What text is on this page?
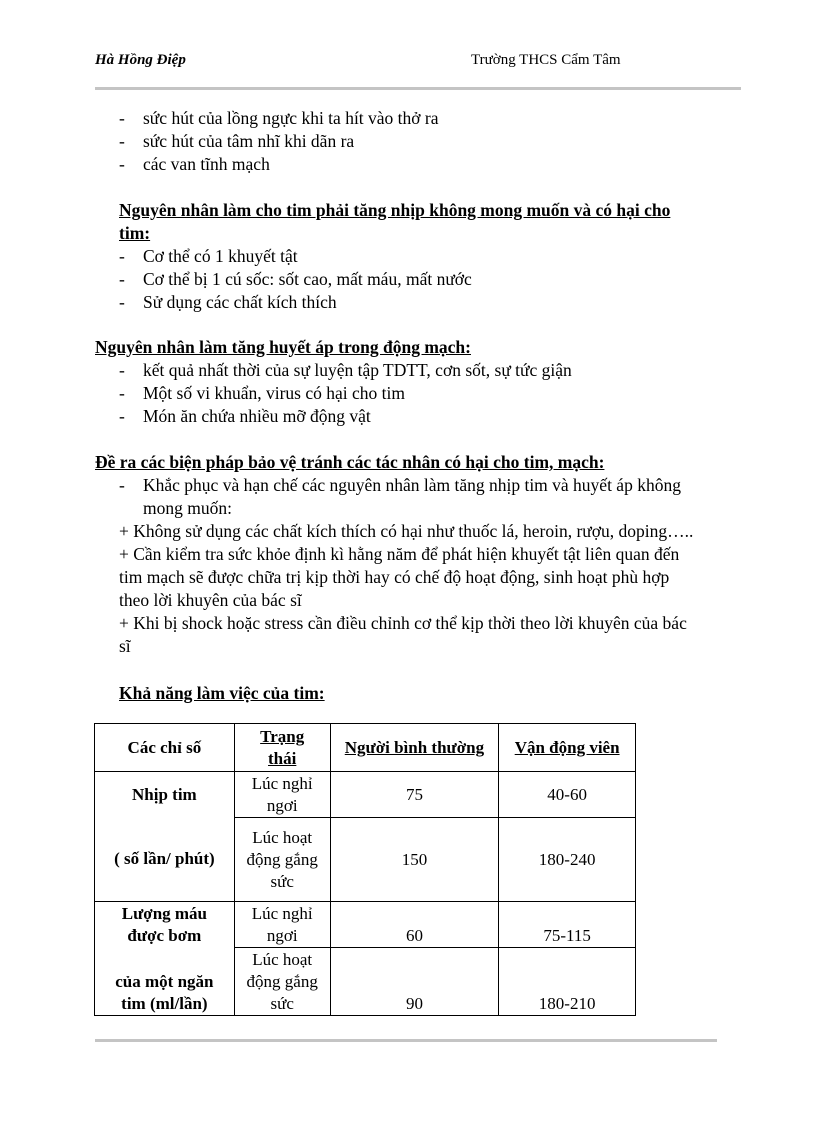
Hà Hồng Điệp	Trường THCS Cẩm Tâm
- sức hút của lồng ngực khi ta hít vào thở ra
- sức hút của tâm nhĩ khi dãn ra
- các van tĩnh mạch
Nguyên nhân làm cho tim phải tăng nhịp không mong muốn và có hại cho
tim:
- Cơ thể có 1 khuyết tật
- Cơ thể bị 1 cú sốc: sốt cao, mất máu, mất nước
- Sử dụng các chất kích thích
Nguyên nhân làm tăng huyết áp trong động mạch:
- kết quả nhất thời của sự luyện tập TDTT, cơn sốt, sự tức giận
- Một số vi khuẩn, virus có hại cho tim
- Món ăn chứa nhiều mỡ động vật
Đề ra các biện pháp bảo vệ tránh các tác nhân có hại cho tim, mạch:
- Khắc phục và hạn chế các nguyên nhân làm tăng nhịp tim và huyết áp không
mong muốn:
+ Không sử dụng các chất kích thích có hại như thuốc lá, heroin, rượu, doping…..
+ Cần kiểm tra sức khỏe định kì hằng năm để phát hiện khuyết tật liên quan đến
tim mạch sẽ được chữa trị kịp thời hay có chế độ hoạt động, sinh hoạt phù hợp
theo lời khuyên của bác sĩ
+ Khi bị shock hoặc stress cần điều chỉnh cơ thể kịp thời theo lời khuyên của bác
sĩ
Khả năng làm việc của tim:
Các chỉ số	Trạng
thái	Người bình thường	Vận động viên
Nhịp tim	Lúc nghỉ
ngơi	75	40-60
( số lần/ phút)	Lúc hoạt
động gắng
sức	150	180-240
Lượng máu
được bơm	Lúc nghỉ
ngơi	60	75-115
của một ngăn
tim (ml/lần)	Lúc hoạt
động gắng
sức	90	180-210
